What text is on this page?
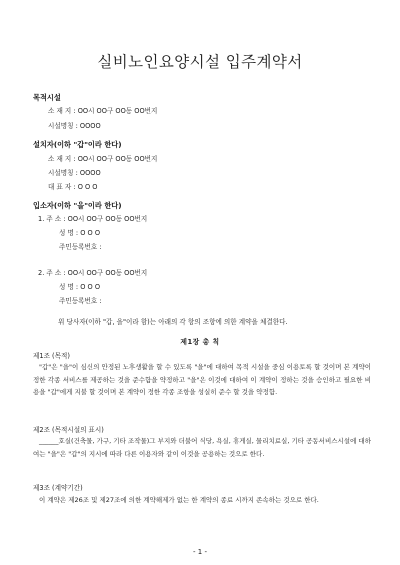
실비노인요양시설 입주계약서
목적시설
소 재 지 : OO시 OO구 OO동 OO번지
시설명칭 : OOOO
설치자(이하 "갑"이라 한다)
소 재 지 : OO시 OO구 OO동 OO번지
시설명칭 : OOOO
대 표 자 : O O O
입소자(이하 "을"이라 한다)
1. 주 소 : OO시 OO구 OO동 OO번지
성 명 : O O O
주민등록번호 :
2. 주 소 : OO시 OO구 OO동 OO번지
성 명 : O O O
주민등록번호 :
위 당사자(이하 "갑, 을"이라 함)는 아래의 각 항의 조항에 의한 계약을 체결한다.
제1장 총 칙
제1조 (목적)

"갑"은 "을"이 심신의 안정된 노후생활을 할 수 있도록 "을"에 대하여 목적 시설을 중심 이용토록 할 것이며 본 계약이 정한 각종 서비스를 제공하는 것을 준수함을 약정하고 "을"은 이것에 대하여 이 계약이 정하는 것을 승인하고 필요한 비용을 "갑"에게 지불 할 것이며 본 계약이 정한 각종 조항을 성실히 준수 할 것을 약정함.

제2조 (목적시설의 표시)

______호실(건축물, 가구, 기타 조작물)그 부지와 더불어 식당, 욕실, 휴게실, 물리치료실, 기타 공동서비스시설에 대하여는 "을"은 "갑"의 지시에 따라 다른 이용자와 같이 이것을 공용하는 것으로 한다.

제3조 (계약기간)

이 계약은 제26조 및 제27조에 의한 계약해제가 없는 한 계약의 종료 시까지 존속하는 것으로 한다.

- 1 -
